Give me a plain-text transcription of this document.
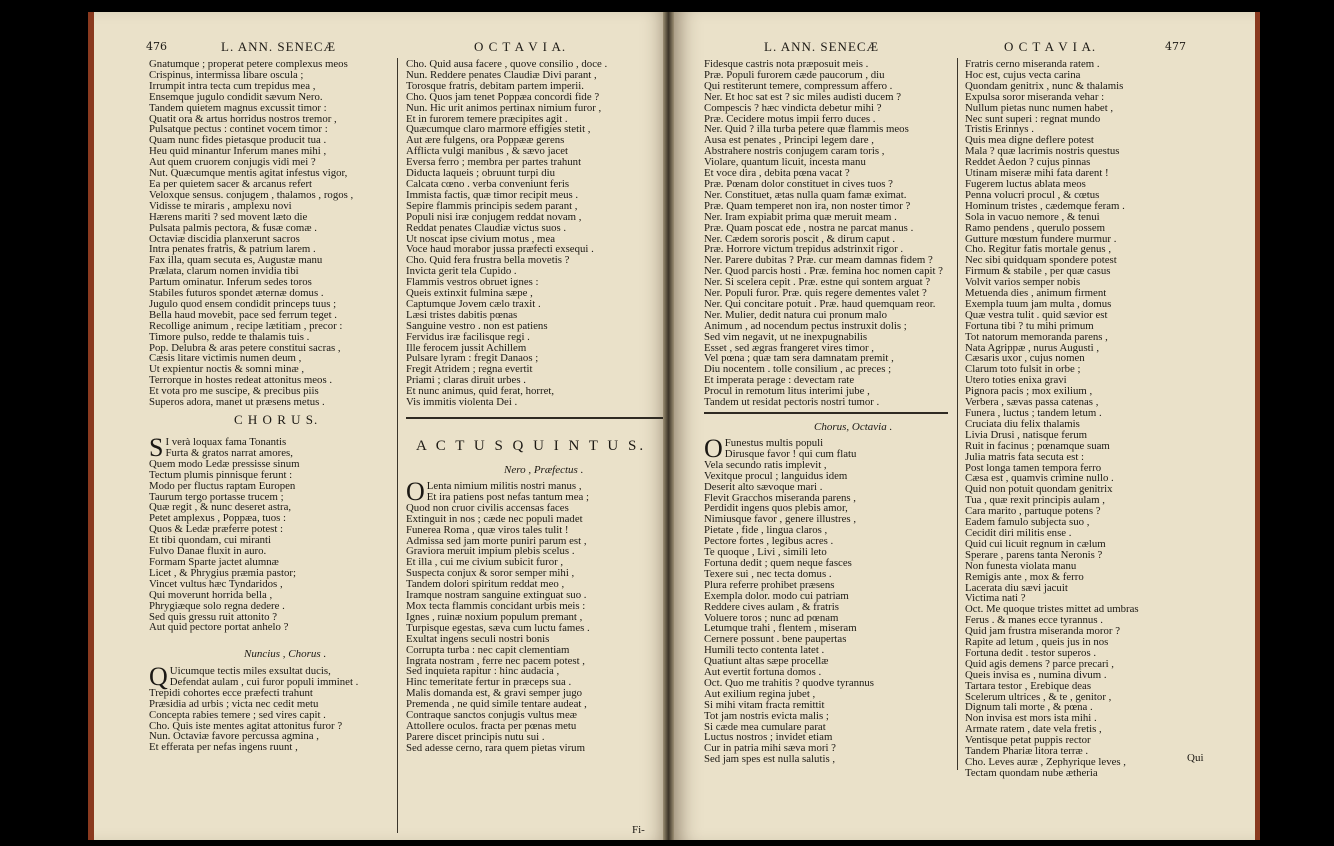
476	L. ANN. SENECÆ	O C T A V I A.
Gnatumque ; properat petere complexus meos
Crispinus, intermissa libare oscula ;
Irrumpit intra tecta cum trepidus mea ,
Ensemque jugulo condidit sævum Nero.
Tandem quietem magnus excussit timor :
Quatit ora & artus horridus nostros tremor ,
Pulsatque pectus : continet vocem timor :
Quam nunc fides pietasque producit tua .
Heu quid minantur Inferum manes mihi ,
Aut quem cruorem conjugis vidi mei ?
Nut. Quæcumque mentis agitat infestus vigor,
Ea per quietem sacer & arcanus refert
Veloxque sensus. conjugem , thalamos , rogos ,
Vidisse te miraris , amplexu novi
Hærens mariti ? sed movent læto die
Pulsata palmis pectora, & fusæ comæ .
Octaviæ discidia planxerunt sacros
Intra penates fratris, & patrium larem .
Fax illa, quam secuta es, Augustæ manu
Prælata, clarum nomen invidia tibi
Partum ominatur. Inferum sedes toros
Stabiles futuros spondet æternæ domus .
Jugulo quod ensem condidit princeps tuus ;
Bella haud movebit, pace sed ferrum teget .
Recollige animum , recipe lætitiam , precor :
Timore pulso, redde te thalamis tuis .
Pop. Delubra & aras petere constitui sacras ,
Cæsis litare victimis numen deum ,
Ut expientur noctis & somni minæ ,
Terrorque in hostes redeat attonitus meos .
Et vota pro me suscipe, & precibus piis
Superos adora, manet ut præsens metus .
C H O R U S.
S I verà loquax fama Tonantis
Furta & gratos narrat amores,
Quem modo Ledæ pressisse sinum
Tectum plumis pinnisque ferunt :
Modo per fluctus raptam Europen
Taurum tergo portasse trucem ;
Quæ regit , & nunc deseret astra,
Petet amplexus , Poppæa, tuos :
Quos & Ledæ præferre potest :
Et tibi quondam, cui miranti
Fulvo Danae fluxit in auro.
Formam Sparte jactet alumnæ
Licet , & Phrygius præmia pastor;
Vincet vultus hæc Tyndaridos ,
Qui moverunt horrida bella ,
Phrygiæque solo regna dedere .
Sed quis gressu ruit attonito ?
Aut quid pectore portat anhelo ?
Nuncius , Chorus .
Q Uicumque tectis miles exsultat ducis,
Defendat aulam , cui furor populi imminet .
Trepidi cohortes ecce præfecti trahunt
Præsidia ad urbis ; victa nec cedit metu
Concepta rabies temere ; sed vires capit .
Cho. Quis iste mentes agitat attonitus furor ?
Nun. Octaviæ favore percussa agmina ,
Et efferata per nefas ingens ruunt ,
Cho. Quid ausa facere , quove consilio , doce .
Nun. Reddere penates Claudiæ Divi parant ,
Torosque fratris, debitam partem imperii.
Cho. Quos jam tenet Poppæa concordi fide ?
Nun. Hic urit animos pertinax nimium furor ,
Et in furorem temere præcipites agit .
Quæcumque claro marmore effigies stetit ,
Aut ære fulgens, ora Poppææ gerens
Afflicta vulgi manibus , & sævo jacet
Eversa ferro ; membra per partes trahunt
Diducta laqueis ; obruunt turpi diu
Calcata cœno . verba conveniunt feris
Immista factis, quæ timor recipit meus .
Sepire flammis principis sedem parant ,
Populi nisi iræ conjugem reddat novam ,
Reddat penates Claudiæ victus suos .
Ut noscat ipse civium motus , mea
Voce haud morabor jussa præfecti exsequi .
Cho. Quid fera frustra bella movetis ?
Invicta gerit tela Cupido .
Flammis vestros obruet ignes :
Queis extinxit fulmina sæpe ,
Captumque Jovem cælo traxit .
Læsi tristes dabitis pœnas
Sanguine vestro . non est patiens
Fervidus iræ facilisque regi .
Ille ferocem jussit Achillem
Pulsare lyram : fregit Danaos ;
Fregit Atridem ; regna evertit
Priami ; claras diruit urbes .
Et nunc animus, quid ferat, horret,
Vis immitis violenta Dei .
A C T U S Q U I N T U S.
Nero , Præfectus .
O Lenta nimium militis nostri manus ,
Et ira patiens post nefas tantum mea ;
Quod non cruor civilis accensas faces
Extinguit in nos ; cæde nec populi madet
Funerea Roma , quæ viros tales tulit !
Admissa sed jam morte puniri parum est ,
Graviora meruit impium plebis scelus .
Et illa , cui me civium subicit furor ,
Suspecta conjux & soror semper mihi ,
Tandem dolori spiritum reddat meo ,
Iramque nostram sanguine extinguat suo .
Mox tecta flammis concidant urbis meis :
Ignes , ruinæ noxium populum premant ,
Turpisque egestas, sæva cum luctu fames .
Exultat ingens seculi nostri bonis
Corrupta turba : nec capit clementiam
Ingrata nostram , ferre nec pacem potest ,
Sed inquieta rapitur : hinc audacia ,
Hinc temeritate fertur in præceps sua .
Malis domanda est, & gravi semper jugo
Premenda , ne quid simile tentare audeat ,
Contraque sanctos conjugis vultus meæ
Attollere oculos. fracta per pœnas metu
Parere discet principis nutu sui .
Sed adesse cerno, rara quem pietas virum
Fi-
L. ANN. SENECÆ	O C T A V I A.	477
Fidesque castris nota præposuit meis .
Præ. Populi furorem cæde paucorum , diu
Qui restiterunt temere, compressum affero .
Ner. Et hoc sat est ? sic miles audisti ducem ?
Compescis ? hæc vindicta debetur mihi ?
Præ. Cecidere motus impii ferro duces .
Ner. Quid ? illa turba petere quæ flammis meos
Ausa est penates , Principi legem dare ,
Abstrahere nostris conjugem caram toris ,
Violare, quantum licuit, incesta manu
Et voce dira , debita pœna vacat ?
Præ. Pœnam dolor constituet in cives tuos ?
Ner. Constituet, ætas nulla quam famæ eximat.
Præ. Quam temperet non ira, non noster timor ?
Ner. Iram expiabit prima quæ meruit meam .
Præ. Quam poscat ede , nostra ne parcat manus .
Ner. Cædem sororis poscit , & dirum caput .
Præ. Horrore victum trepidus adstrinxit rigor .
Ner. Parere dubitas ? Præ. cur meam damnas fidem ?
Ner. Quod parcis hosti . Præ. femina hoc nomen capit ?
Ner. Si scelera cepit . Præ. estne qui sontem arguat ?
Ner. Populi furor. Præ. quis regere dementes valet ?
Ner. Qui concitare potuit . Præ. haud quemquam reor.
Ner. Mulier, dedit natura cui pronum malo
Animum , ad nocendum pectus instruxit dolis ;
Sed vim negavit, ut ne inexpugnabilis
Esset , sed ægras frangeret vires timor ,
Vel pœna ; quæ tam sera damnatam premit ,
Diu nocentem . tolle consilium , ac preces ;
Et imperata perage : devectam rate
Procul in remotum litus interimi jube ,
Tandem ut residat pectoris nostri tumor .
Chorus, Octavia .
O Funestus multis populi
Dirusque favor ! qui cum flatu
Vela secundo ratis implevit ,
Vexitque procul ; languidus idem
Deserit alto sævoque mari .
Flevit Gracchos miseranda parens ,
Perdidit ingens quos plebis amor,
Nimiusque favor , genere illustres ,
Pietate , fide , lingua claros ,
Pectore fortes , legibus acres .
Te quoque , Livi , simili leto
Fortuna dedit ; quem neque fasces
Texere sui , nec tecta domus .
Plura referre prohibet præsens
Exempla dolor. modo cui patriam
Reddere cives aulam , & fratris
Voluere toros ; nunc ad pœnam
Letumque trahi , flentem , miseram
Cernere possunt . bene paupertas
Humili tecto contenta latet .
Quatiunt altas sæpe procellæ
Aut evertit fortuna domos .
Oct. Quo me trahitis ? quodve tyrannus
Aut exilium regina jubet ,
Si mihi vitam fracta remittit
Tot jam nostris evicta malis ;
Si cæde mea cumulare parat
Luctus nostros ; invidet etiam
Cur in patria mihi sæva mori ?
Sed jam spes est nulla salutis ,
Fratris cerno miseranda ratem .
Hoc est, cujus vecta carina
Quondam genitrix , nunc & thalamis
Expulsa soror miseranda vehar :
Nullum pietas nunc numen habet ,
Nec sunt superi : regnat mundo
Tristis Erinnys .
Quis mea digne deflere potest
Mala ? quæ lacrimis nostris questus
Reddet Aedon ? cujus pinnas
Utinam miseræ mihi fata darent !
Fugerem luctus ablata meos
Penna volucri procul , & cœtus
Hominum tristes , cædemque feram .
Sola in vacuo nemore , & tenui
Ramo pendens , querulo possem
Gutture mœstum fundere murmur .
Cho. Regitur fatis mortale genus ,
Nec sibi quidquam spondere potest
Firmum & stabile , per quæ casus
Volvit varios semper nobis
Metuenda dies , animum firment
Exempla tuum jam multa , domus
Quæ vestra tulit . quid sævior est
Fortuna tibi ? tu mihi primum
Tot natorum memoranda parens ,
Nata Agrippæ , nurus Augusti ,
Cæsaris uxor , cujus nomen
Clarum toto fulsit in orbe ;
Utero toties enixa gravi
Pignora pacis ; mox exilium ,
Verbera , sævas passa catenas ,
Funera , luctus ; tandem letum .
Cruciata diu felix thalamis
Livia Drusi , natisque ferum
Ruit in facinus ; pœnamque suam
Julia matris fata secuta est :
Post longa tamen tempora ferro
Cæsa est , quamvis crimine nullo .
Quid non potuit quondam genitrix
Tua , quæ rexit principis aulam ,
Cara marito , partuque potens ?
Eadem famulo subjecta suo ,
Cecidit diri militis ense .
Quid cui licuit regnum in cælum
Sperare , parens tanta Neronis ?
Non funesta violata manu
Remigis ante , mox & ferro
Lacerata diu sævi jacuit
Victima nati ?
Oct. Me quoque tristes mittet ad umbras
Ferus . & manes ecce tyrannus .
Quid jam frustra miseranda moror ?
Rapite ad letum , queis jus in nos
Fortuna dedit . testor superos .
Quid agis demens ? parce precari ,
Queis invisa es , numina divum .
Tartara testor , Erebique deas
Scelerum ultrices , & te , genitor ,
Dignum tali morte , & pœna .
Non invisa est mors ista mihi .
Armate ratem , date vela fretis ,
Ventisque petat puppis rector
Tandem Phariæ litora terræ .
Cho. Leves auræ , Zephyrique leves ,
Tectam quondam nube ætheria
Qui
